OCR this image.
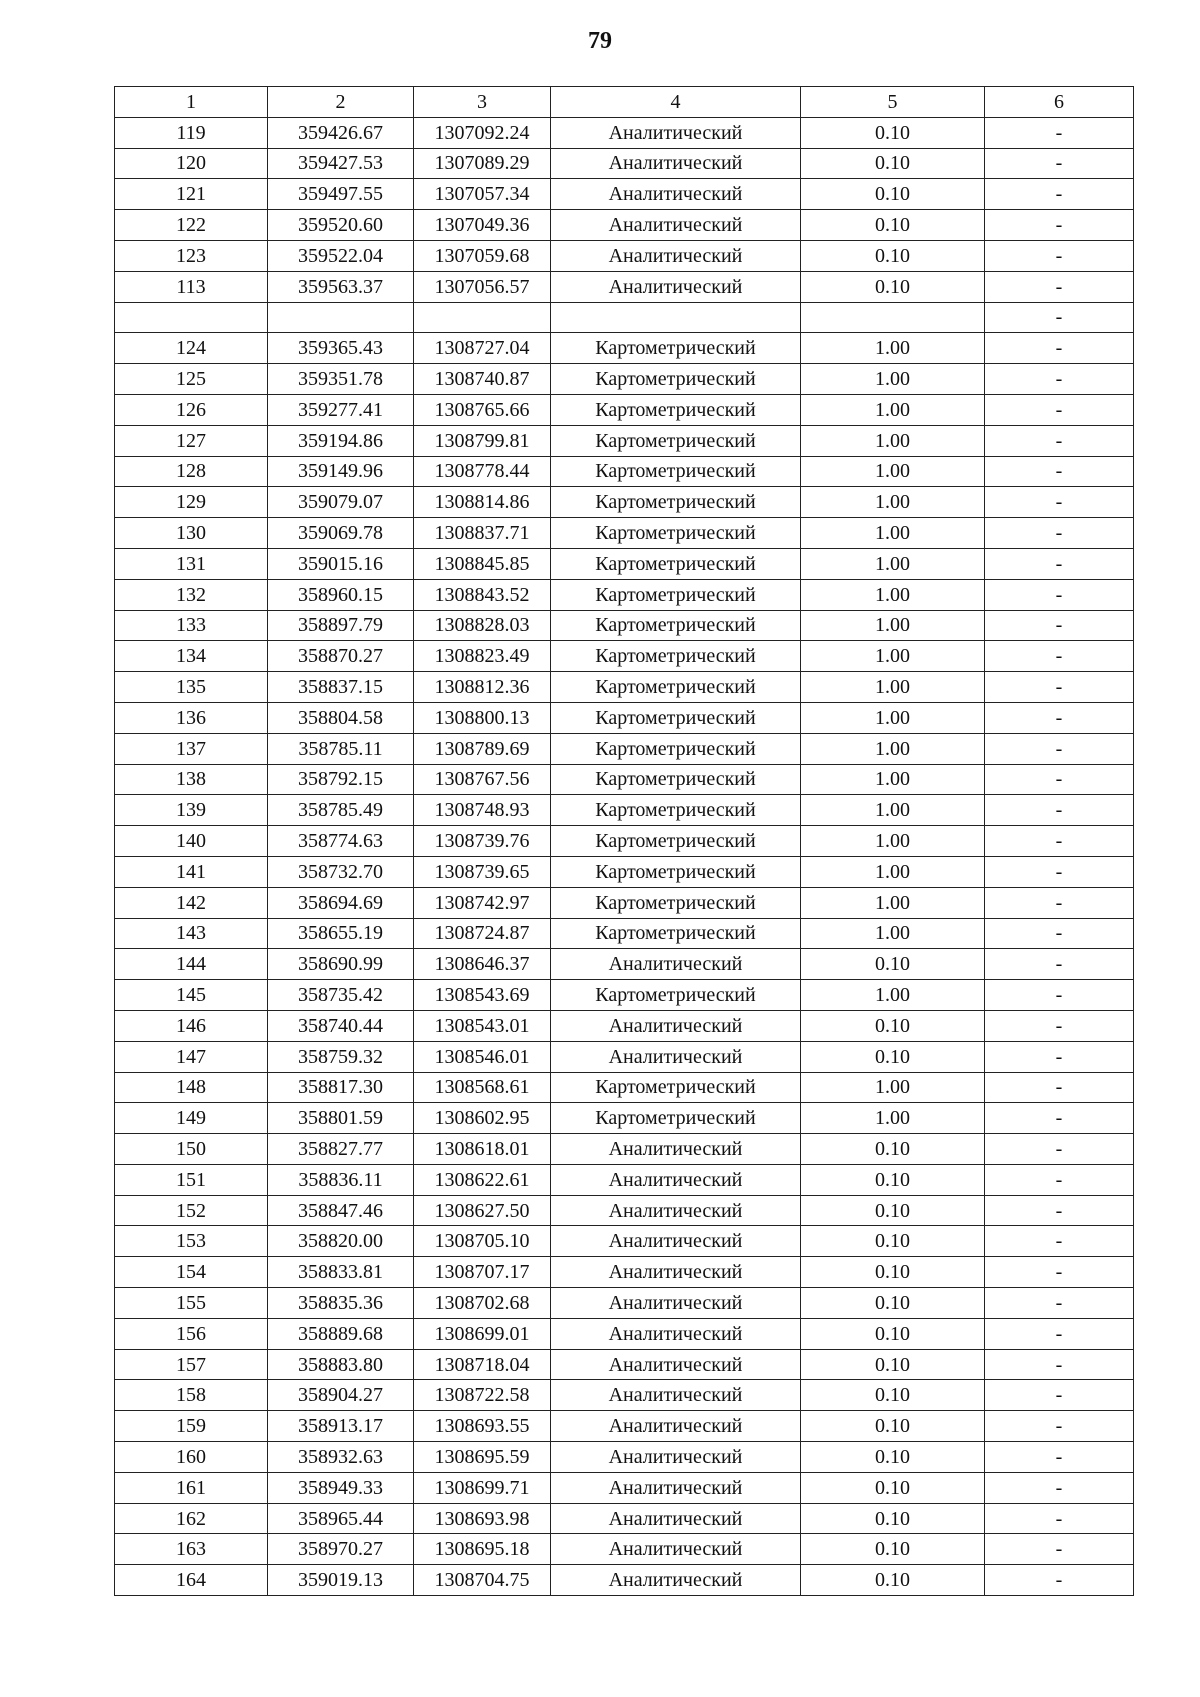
79
1	2	3	4	5	6
119	359426.67	1307092.24	Аналитический	0.10	-
120	359427.53	1307089.29	Аналитический	0.10	-
121	359497.55	1307057.34	Аналитический	0.10	-
122	359520.60	1307049.36	Аналитический	0.10	-
123	359522.04	1307059.68	Аналитический	0.10	-
113	359563.37	1307056.57	Аналитический	0.10	-
					-
124	359365.43	1308727.04	Картометрический	1.00	-
125	359351.78	1308740.87	Картометрический	1.00	-
126	359277.41	1308765.66	Картометрический	1.00	-
127	359194.86	1308799.81	Картометрический	1.00	-
128	359149.96	1308778.44	Картометрический	1.00	-
129	359079.07	1308814.86	Картометрический	1.00	-
130	359069.78	1308837.71	Картометрический	1.00	-
131	359015.16	1308845.85	Картометрический	1.00	-
132	358960.15	1308843.52	Картометрический	1.00	-
133	358897.79	1308828.03	Картометрический	1.00	-
134	358870.27	1308823.49	Картометрический	1.00	-
135	358837.15	1308812.36	Картометрический	1.00	-
136	358804.58	1308800.13	Картометрический	1.00	-
137	358785.11	1308789.69	Картометрический	1.00	-
138	358792.15	1308767.56	Картометрический	1.00	-
139	358785.49	1308748.93	Картометрический	1.00	-
140	358774.63	1308739.76	Картометрический	1.00	-
141	358732.70	1308739.65	Картометрический	1.00	-
142	358694.69	1308742.97	Картометрический	1.00	-
143	358655.19	1308724.87	Картометрический	1.00	-
144	358690.99	1308646.37	Аналитический	0.10	-
145	358735.42	1308543.69	Картометрический	1.00	-
146	358740.44	1308543.01	Аналитический	0.10	-
147	358759.32	1308546.01	Аналитический	0.10	-
148	358817.30	1308568.61	Картометрический	1.00	-
149	358801.59	1308602.95	Картометрический	1.00	-
150	358827.77	1308618.01	Аналитический	0.10	-
151	358836.11	1308622.61	Аналитический	0.10	-
152	358847.46	1308627.50	Аналитический	0.10	-
153	358820.00	1308705.10	Аналитический	0.10	-
154	358833.81	1308707.17	Аналитический	0.10	-
155	358835.36	1308702.68	Аналитический	0.10	-
156	358889.68	1308699.01	Аналитический	0.10	-
157	358883.80	1308718.04	Аналитический	0.10	-
158	358904.27	1308722.58	Аналитический	0.10	-
159	358913.17	1308693.55	Аналитический	0.10	-
160	358932.63	1308695.59	Аналитический	0.10	-
161	358949.33	1308699.71	Аналитический	0.10	-
162	358965.44	1308693.98	Аналитический	0.10	-
163	358970.27	1308695.18	Аналитический	0.10	-
164	359019.13	1308704.75	Аналитический	0.10	-
